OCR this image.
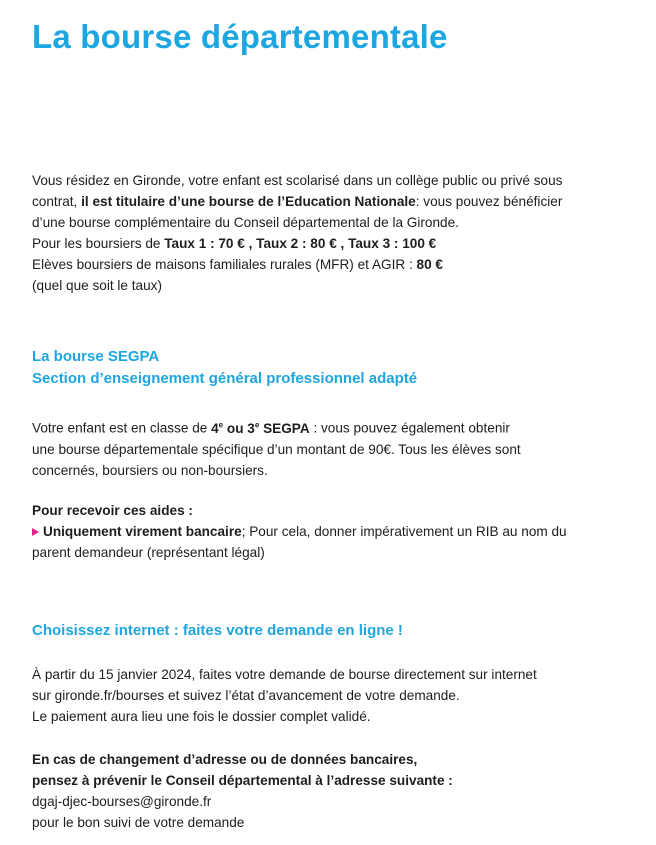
La bourse départementale
Vous résidez en Gironde, votre enfant est scolarisé dans un collège public ou privé sous
contrat, il est titulaire d’une bourse de l’Education Nationale: vous pouvez bénéficier
d’une bourse complémentaire du Conseil départemental de la Gironde.
Pour les boursiers de Taux 1 : 70 € , Taux 2 : 80 € , Taux 3 : 100 €
Elèves boursiers de maisons familiales rurales (MFR) et AGIR : 80 €
(quel que soit le taux)
La bourse SEGPA
Section d’enseignement général professionnel adapté
Votre enfant est en classe de 4e ou 3e SEGPA : vous pouvez également obtenir
une bourse départementale spécifique d’un montant de 90€. Tous les élèves sont
concernés, boursiers ou non-boursiers.
Pour recevoir ces aides :
Uniquement virement bancaire; Pour cela, donner impérativement un RIB au nom du
parent demandeur (représentant légal)
Choisissez internet : faites votre demande en ligne !
À partir du 15 janvier 2024, faites votre demande de bourse directement sur internet
sur gironde.fr/bourses et suivez l’état d’avancement de votre demande.
Le paiement aura lieu une fois le dossier complet validé.
En cas de changement d’adresse ou de données bancaires,
pensez à prévenir le Conseil départemental à l’adresse suivante :
dgaj-djec-bourses@gironde.fr
pour le bon suivi de votre demande
